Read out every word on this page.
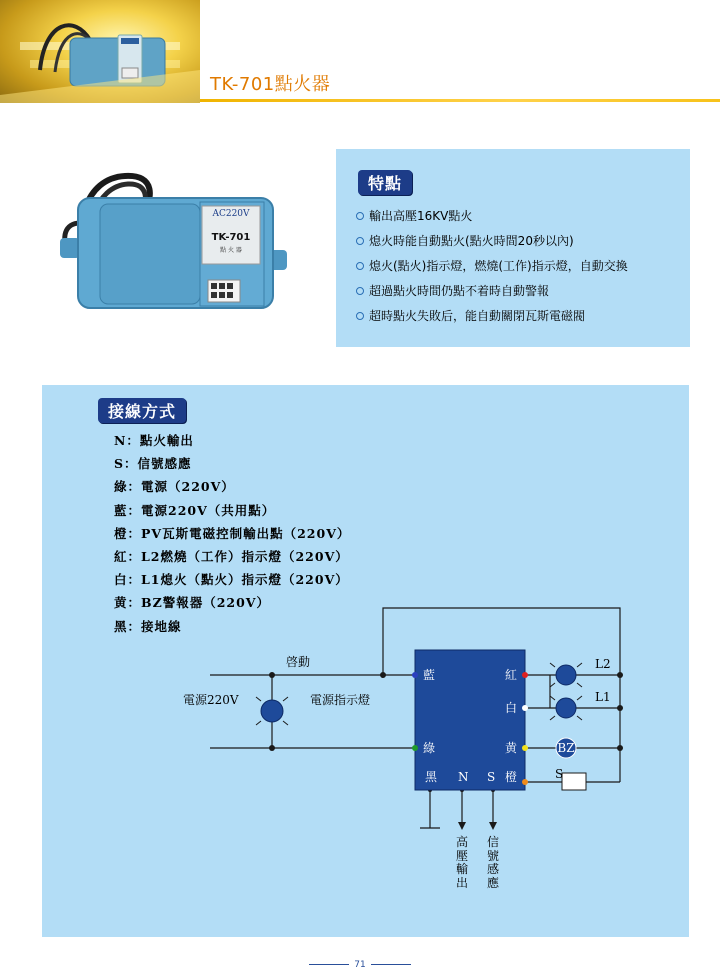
TK-701點火器
AC220V
TK-701
點 火 器
特點
輸出高壓16KV點火
熄火時能自動點火(點火時間20秒以內)
熄火(點火)指示燈，燃燒(工作)指示燈，自動交換
超過點火時間仍點不着時自動警報
超時點火失敗后，能自動關閉瓦斯電磁閥
接線方式
N：點火輸出
S：信號感應
綠：電源（220V）
藍：電源220V（共用點）
橙：PV瓦斯電磁控制輸出點（220V）
紅：L2燃燒（工作）指示燈（220V）
白：L1熄火（點火）指示燈（220V）
黄：BZ警報器（220V）
黑：接地線
藍
綠
紅
白
黄
黑 N S 橙
BZ
S
L2
L1
啓動
電源220V	電源指示燈
高壓輸出
信號感應
71
